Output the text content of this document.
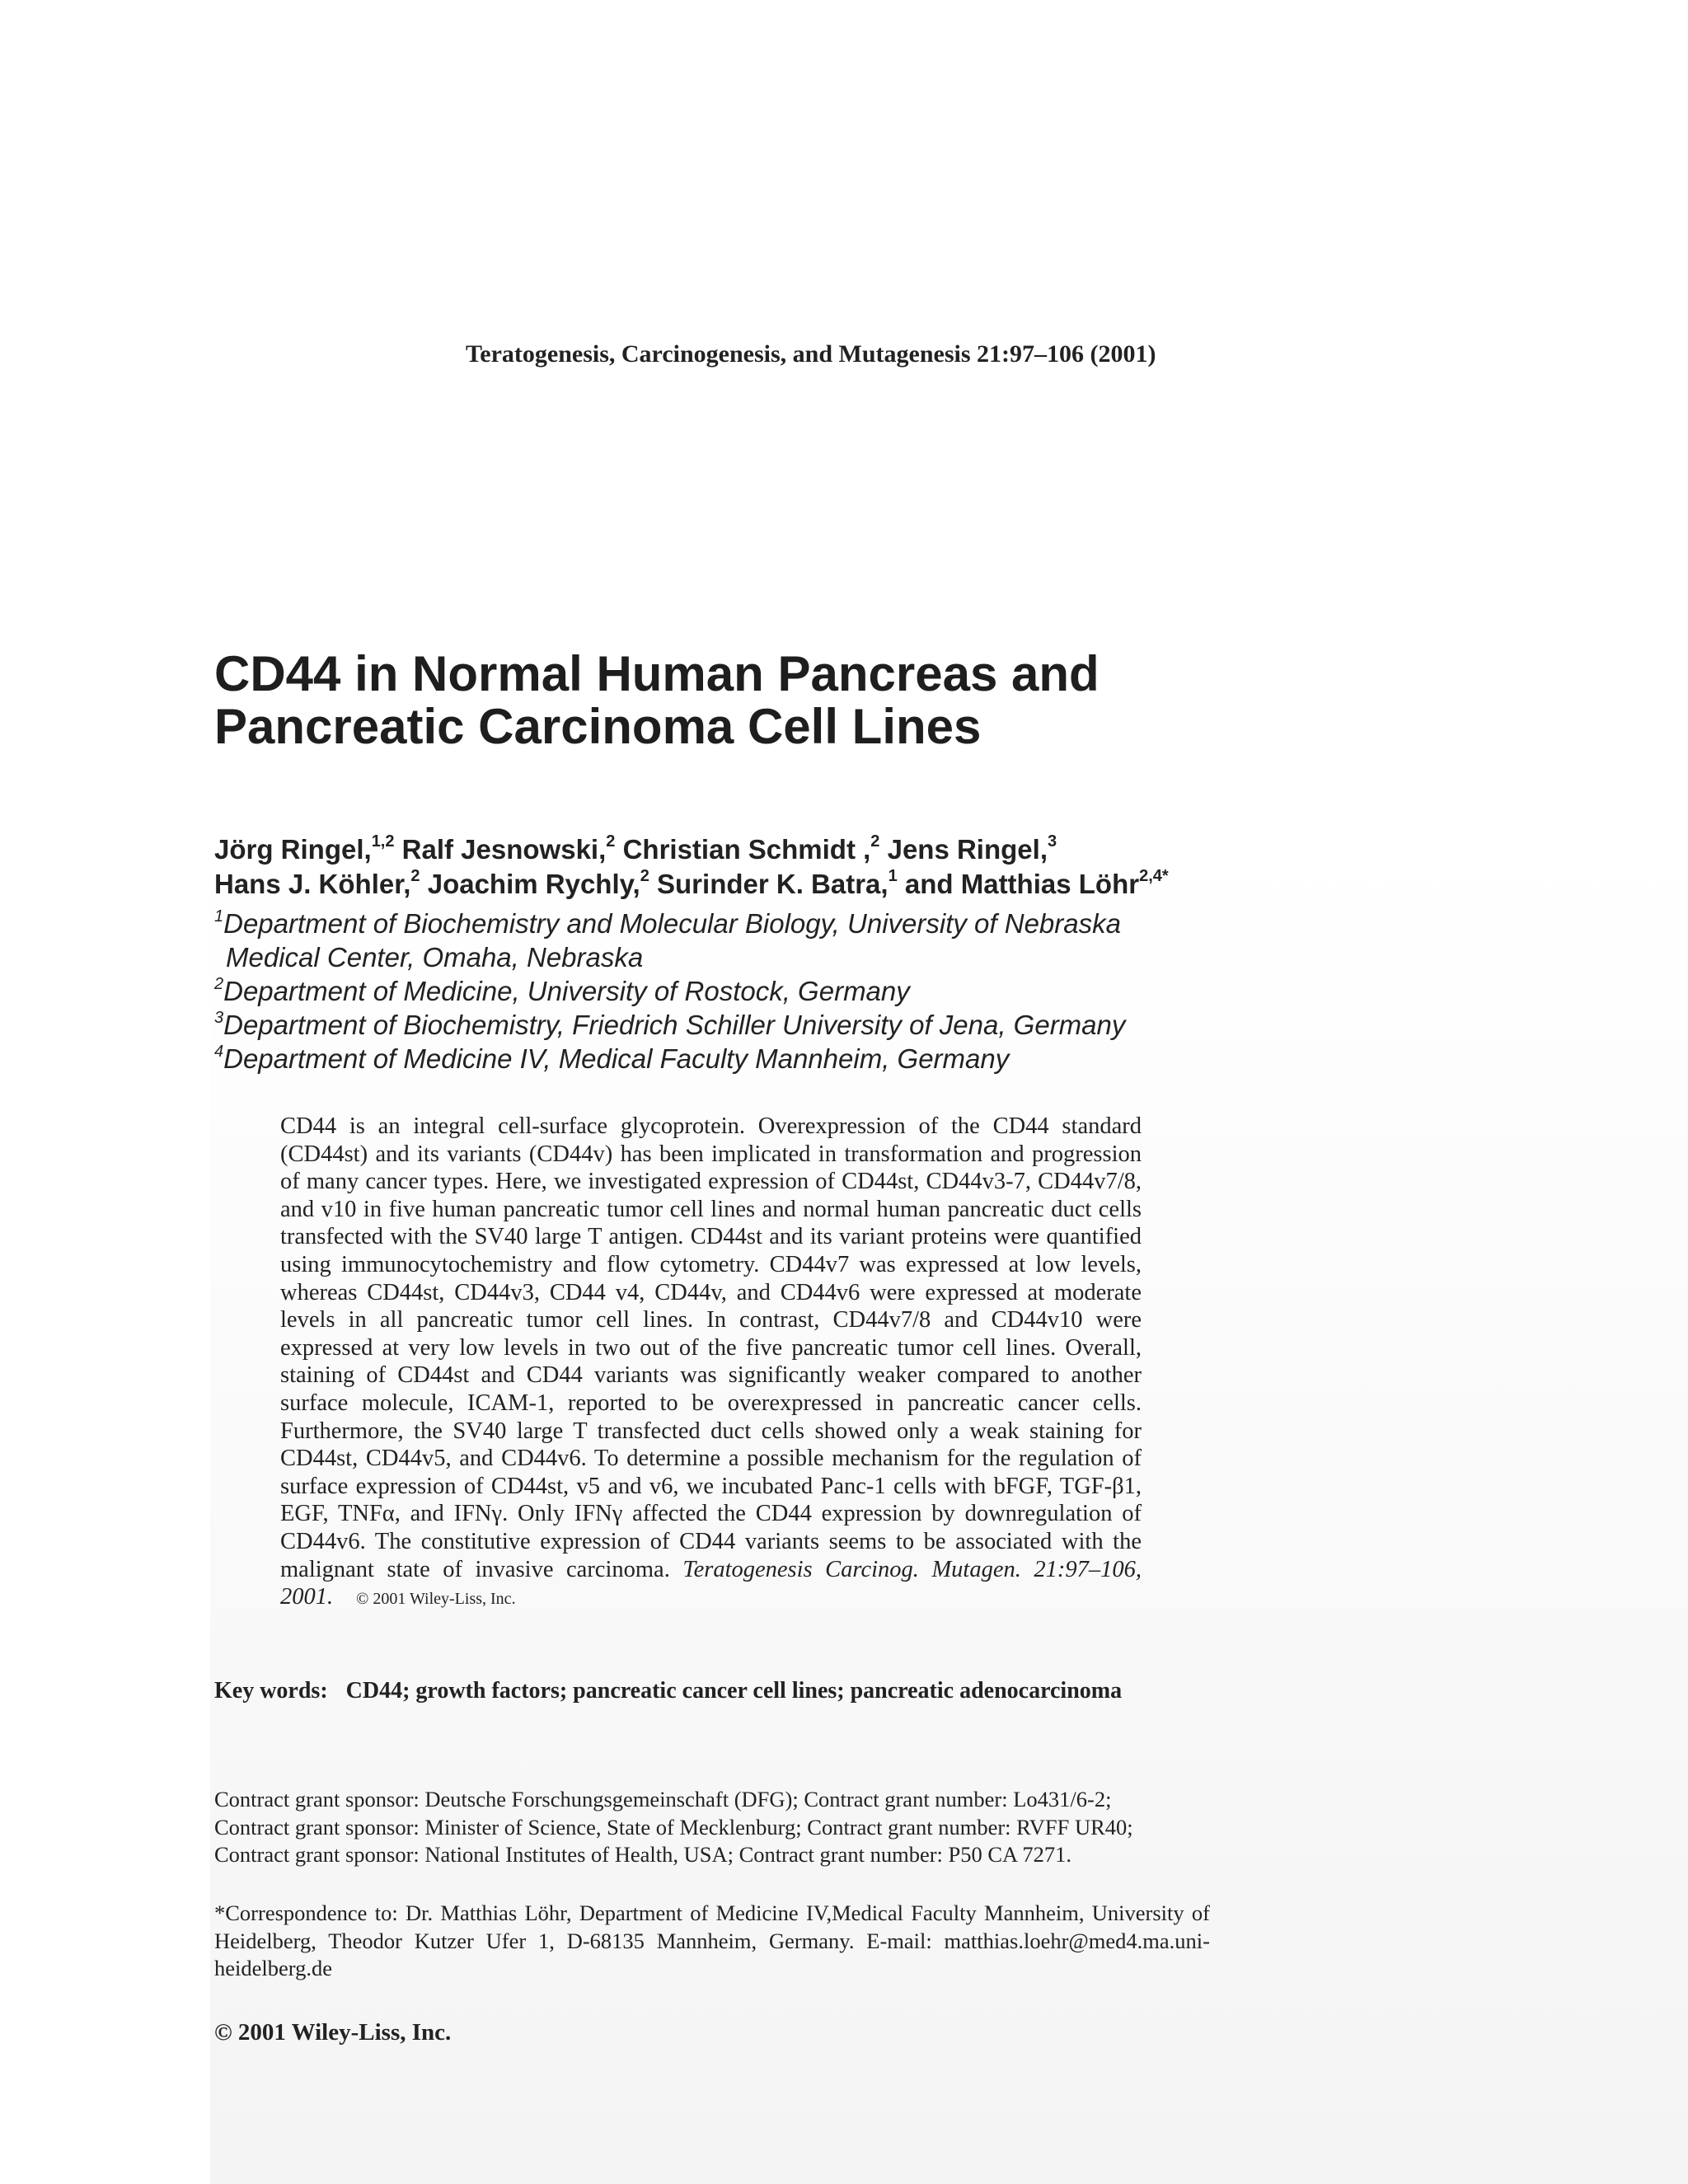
Teratogenesis, Carcinogenesis, and Mutagenesis 21:97–106 (2001)
CD44 in Normal Human Pancreas and
Pancreatic Carcinoma Cell Lines
Jörg Ringel,$^{1,2}$ Ralf Jesnowski,$^2$ Christian Schmidt ,$^2$ Jens Ringel,$^3$
Hans J. Köhler,$^2$ Joachim Rychly,$^2$ Surinder K. Batra,$^1$ and Matthias Löhr$^{2,4*}$
$^1$Department of Biochemistry and Molecular Biology, University of Nebraska
Medical Center, Omaha, Nebraska
$^2$Department of Medicine, University of Rostock, Germany
$^3$Department of Biochemistry, Friedrich Schiller University of Jena, Germany
$^4$Department of Medicine IV, Medical Faculty Mannheim, Germany

CD44 is an integral cell-surface glycoprotein. Overexpression of the CD44 standard (CD44st) and its variants (CD44v) has been implicated in transformation and progression of many cancer types. Here, we investigated expression of CD44st, CD44v3-7, CD44v7/8, and v10 in five human pancreatic tumor cell lines and normal human pancreatic duct cells transfected with the SV40 large T antigen. CD44st and its variant proteins were quantified using immunocytochemistry and flow cytometry. CD44v7 was expressed at low levels, whereas CD44st, CD44v3, CD44 v4, CD44v, and CD44v6 were expressed at moderate levels in all pancreatic tumor cell lines. In contrast, CD44v7/8 and CD44v10 were expressed at very low levels in two out of the five pancreatic tumor cell lines. Overall, staining of CD44st and CD44 variants was significantly weaker compared to another surface molecule, ICAM-1, reported to be overexpressed in pancreatic cancer cells. Furthermore, the SV40 large T transfected duct cells showed only a weak staining for CD44st, CD44v5, and CD44v6. To determine a possible mechanism for the regulation of surface expression of CD44st, v5 and v6, we incubated Panc-1 cells with bFGF, TGF-β1, EGF, TNFα, and IFNγ. Only IFNγ affected the CD44 expression by downregulation of CD44v6. The constitutive expression of CD44 variants seems to be associated with the malignant state of invasive carcinoma. Teratogenesis Carcinog. Mutagen. 21:97–106, 2001. © 2001 Wiley-Liss, Inc.

Key words: CD44; growth factors; pancreatic cancer cell lines; pancreatic adenocarcinoma
Contract grant sponsor: Deutsche Forschungsgemeinschaft (DFG); Contract grant number: Lo431/6-2;
Contract grant sponsor: Minister of Science, State of Mecklenburg; Contract grant number: RVFF UR40;
Contract grant sponsor: National Institutes of Health, USA; Contract grant number: P50 CA 7271.

*Correspondence to: Dr. Matthias Löhr, Department of Medicine IV,Medical Faculty Mannheim, University of Heidelberg, Theodor Kutzer Ufer 1, D-68135 Mannheim, Germany. E-mail: matthias.loehr@med4.ma.uni-heidelberg.de

© 2001 Wiley-Liss, Inc.
